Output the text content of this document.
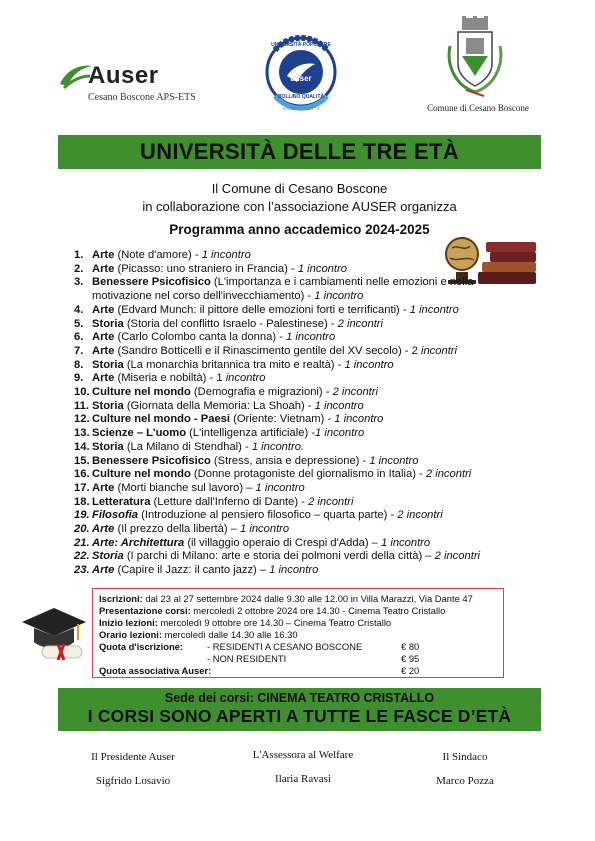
Auser
Cesano Boscone APS-ETS
UNIVERSITÀ POPOLARE
auser
BOLLINO QUALITÀ
VALIDITÀ 2024 - 2	Comune di Cesano Boscone
UNIVERSITÀ DELLE TRE ETÀ
Il Comune di Cesano Boscone
in collaborazione con l’associazione AUSER organizza
Programma anno accademico 2024-2025
1. Arte (Note d'amore) - 1 incontro
2. Arte (Picasso: uno straniero in Francia) - 1 incontro
3. Benessere Psicofisico (L'importanza e i cambiamenti nelle emozioni e nella motivazione nel corso dell'invecchiamento) - 1 incontro
4. Arte (Edvard Munch: il pittore delle emozioni forti e terrificanti) - 1 incontro
5. Storia (Storia del conflitto Israelo - Palestinese) - 2 incontri
6. Arte (Carlo Colombo canta la donna) - 1 incontro
7. Arte (Sandro Botticelli e il Rinascimento gentile del XV secolo) - 2 incontri
8. Storia (La monarchia britannica tra mito e realtà) - 1 incontro
9. Arte (Miseria e nobiltà) - 1 incontro
10. Culture nel mondo (Demografia e migrazioni) - 2 incontri
11. Storia (Giornata della Memoria: La Shoah) - 1 incontro
12. Culture nel mondo - Paesi (Oriente: Vietnam) - 1 incontro
13. Scienze – L'uomo (L'intelligenza artificiale) -1 incontro
14. Storia (La Milano di Stendhal) - 1 incontro.
15. Benessere Psicofisico (Stress, ansia e depressione) - 1 incontro
16. Culture nel mondo (Donne protagoniste del giornalismo in Italia) - 2 incontri
17. Arte (Morti bianche sul lavoro) – 1 incontro
18. Letteratura (Letture dall'Inferno di Dante) - 2 incontri
19. Filosofia (Introduzione al pensiero filosofico – quarta parte) - 2 incontri
20. Arte (Il prezzo della libertà) – 1 incontro
21. Arte: Architettura (il villaggio operaio di Crespi d'Adda) – 1 incontro
22. Storia (I parchi di Milano: arte e storia dei polmoni verdi della città) – 2 incontri
23. Arte (Capire il Jazz: il canto jazz) – 1 incontro
Iscrizioni: dal 23 al 27 settembre 2024 dalle 9.30 alle 12.00 in Villa Marazzi, Via Dante 47
Presentazione corsi: mercoledì 2 ottobre 2024 ore 14.30 - Cinema Teatro Cristallo
Inizio lezioni: mercoledì 9 ottobre ore 14.30 – Cinema Teatro Cristallo
Orario lezioni: mercoledì dalle 14.30 alle 16.30
Quota d'iscrizione:	- RESIDENTI A CESANO BOSCONE	€ 80
- NON RESIDENTI	€ 95
Quota associativa Auser:	€ 20
Sede dei corsi: CINEMA TEATRO CRISTALLO
I CORSI SONO APERTI A TUTTE LE FASCE D’ETÀ
Il Presidente Auser
Sigfrido Losavio
L'Assessora al Welfare
Ilaria Ravasi
Il Sindaco
Marco Pozza
